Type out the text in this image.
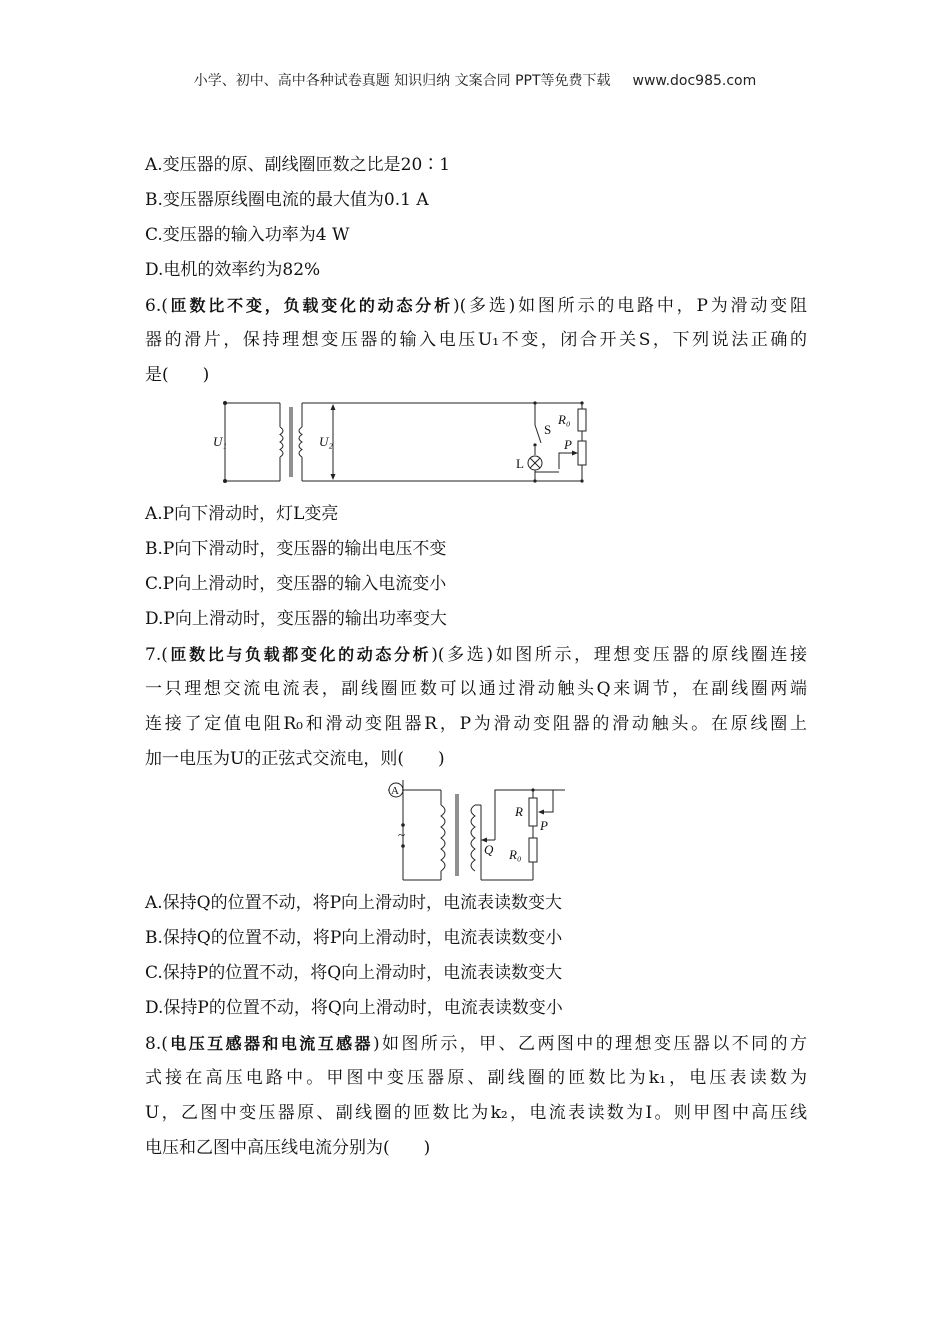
小学、初中、高中各种试卷真题 知识归纳 文案合同 PPT等免费下载 www.doc985.com
A.变压器的原、副线圈匝数之比是20∶1
B.变压器原线圈电流的最大值为0.1 A
C.变压器的输入功率为4 W
D.电机的效率约为82%
6.(匝数比不变，负载变化的动态分析)(多选)如图所示的电路中，P为滑动变阻
器的滑片，保持理想变压器的输入电压U₁不变，闭合开关S，下列说法正确的
是(　　)
U₁	U₂
S
R₀
P
L
A.P向下滑动时，灯L变亮
B.P向下滑动时，变压器的输出电压不变
C.P向上滑动时，变压器的输入电流变小
D.P向上滑动时，变压器的输出功率变大
7.(匝数比与负载都变化的动态分析)(多选)如图所示，理想变压器的原线圈连接
一只理想交流电流表，副线圈匝数可以通过滑动触头Q来调节，在副线圈两端
连接了定值电阻R₀和滑动变阻器R，P为滑动变阻器的滑动触头。在原线圈上
加一电压为U的正弦式交流电，则(　　)
A
~
Q
R
P
R₀
A.保持Q的位置不动，将P向上滑动时，电流表读数变大
B.保持Q的位置不动，将P向上滑动时，电流表读数变小
C.保持P的位置不动，将Q向上滑动时，电流表读数变大
D.保持P的位置不动，将Q向上滑动时，电流表读数变小
8.(电压互感器和电流互感器)如图所示，甲、乙两图中的理想变压器以不同的方
式接在高压电路中。甲图中变压器原、副线圈的匝数比为k₁，电压表读数为
U，乙图中变压器原、副线圈的匝数比为k₂，电流表读数为I。则甲图中高压线
电压和乙图中高压线电流分别为(　　)
